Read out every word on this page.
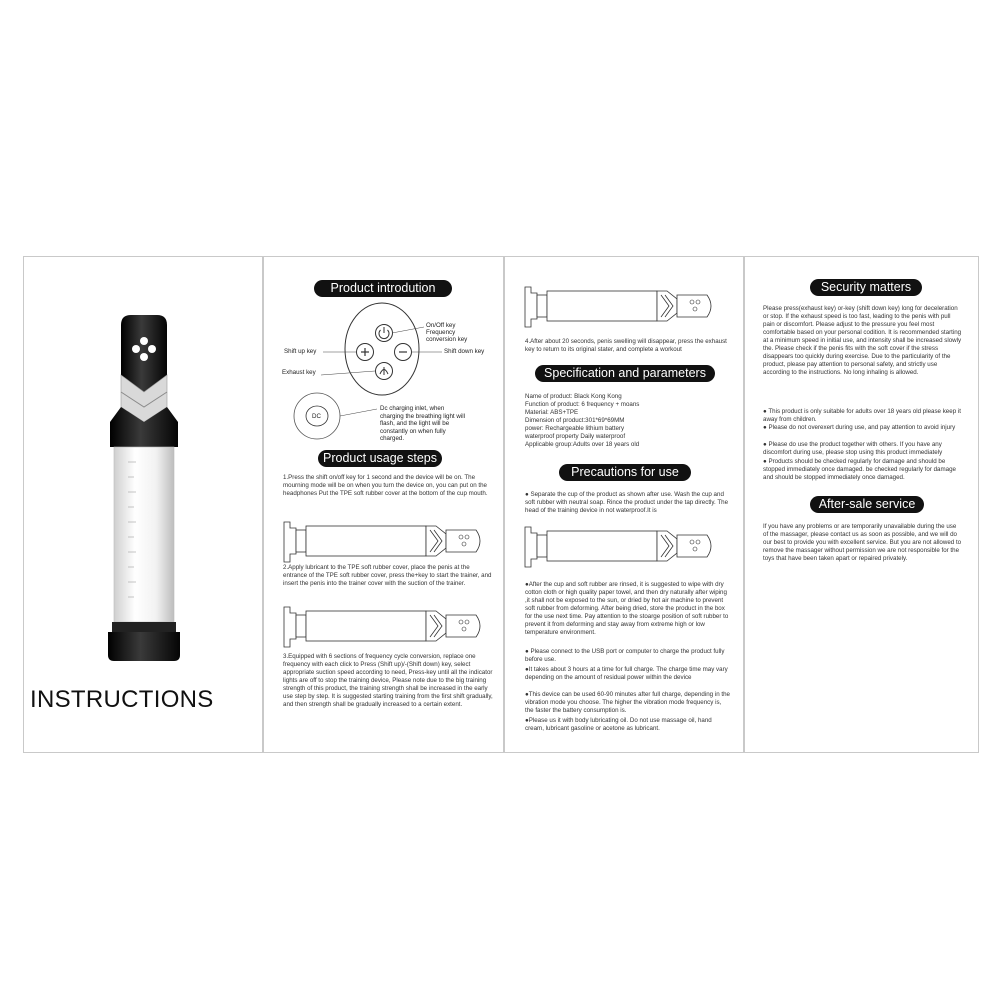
INSTRUCTIONS
Product introdution
On/Off key
Frequency
conversion key
Shift up key	Shift down key
Exhaust key
DC
Dc charging inlet, when charging the breathing light will flash, and the light will be constantly on when fully charged.
Product usage steps

1.Press the shift on/off key for 1 second and the device will be on. The mourning mode will be on when you turn the device on, you can put on the headphones Put the TPE soft rubber cover at the bottom of the cup mouth.

2.Apply lubricant to the TPE soft rubber cover, place the penis at the entrance of the TPE soft rubber cover, press the+key to start the trainer, and insert the penis into the trainer cover with the suction of the trainer.

3.Equipped with 6 sections of frequency cycle conversion, replace one frequency with each click to Press (Shift up)/-(Shift down) key, select appropriate suction speed according to need, Press-key until all the indicator lights are off to stop the training device, Please note due to the big training strength of this product, the training strength shall be increased in the early use step by step. It is suggested starting training from the first shift gradually, and then strength shall be gradually increased to a certain extent.

4.After about 20 seconds, penis swelling will disappear, press the exhaust key to return to its original stater, and complete a workout

Specification and parameters

Name of product: Black Kong Kong

Function of product: 6 frequency + moans

Material: ABS+TPE

Dimension of product:301*69*69MM

power: Rechargeable lithium battery

waterproof property Daily waterproof

Applicable group:Adults over 18 years old

Precautions for use

● Separate the cup of the product as shown after use. Wash the cup and soft rubber with neutral soap. Rince the product under the tap directly. The head of the training device in not waterproof.It is

●After the cup and soft rubber are rinsed, it is suggested to wipe with dry cotton cloth or high quality paper towel, and then dry naturally after wiping ,it shall not be exposed to the sun, or dried by hot air machine to prevent soft rubber from deforming. After being dried, store the product in the box for the use next time. Pay attention to the stoarge position of soft rubber to prevent it from deforming and stay away from extreme high or low temperature environment.

● Please connect to the USB port or computer to charge the product fully before use.

●It takes about 3 hours at a time for full charge. The charge time may vary depending on the amount of residual power within the device

●This device can be used 60-90 minutes after full charge, depending in the vibration mode you choose. The higher the vibration mode frequency is, the faster the battery consumption is.

●Please us it with body lubricating oil. Do not use massage oil, hand cream, lubricant gasoline or acetone as lubricant.

Security matters

Please press(exhaust key) or-key (shift down key) long for deceleration or stop. If the exhaust speed is too fast, leading to the penis with pull pain or discomfort. Please adjust to the pressure you feel most comfortable based on your personal codition. It is recommended starting at a minimum speed in initial use, and intensity shall be increased slowly the. Please check if the penis fits with the soft cover if the stress disappears too quickly during exercise. Due to the particularity of the product, please pay attention to personal safety, and strictly use according to the instructions. No long inhaling is allowed.

● This product is only suitable for adults over 18 years old please keep it away from children.

● Please do not overexert during use, and pay attention to avoid injury

● Please do use the product together with others. If you have any discomfort during use, please stop using this product immediately

● Products should be checked regularly for damage and should be stopped immediately once damaged. be checked regularly for damage and should be stopped immediately once damaged.

After-sale service

If you have any problems or are temporarily unavailable during the use of the massager, please contact us as soon as possible, and we will do our best to provide you with excellent service. But you are not allowed to remove the massager without permission we are not responsible for the toys that have been taken apart or repaired privately.
